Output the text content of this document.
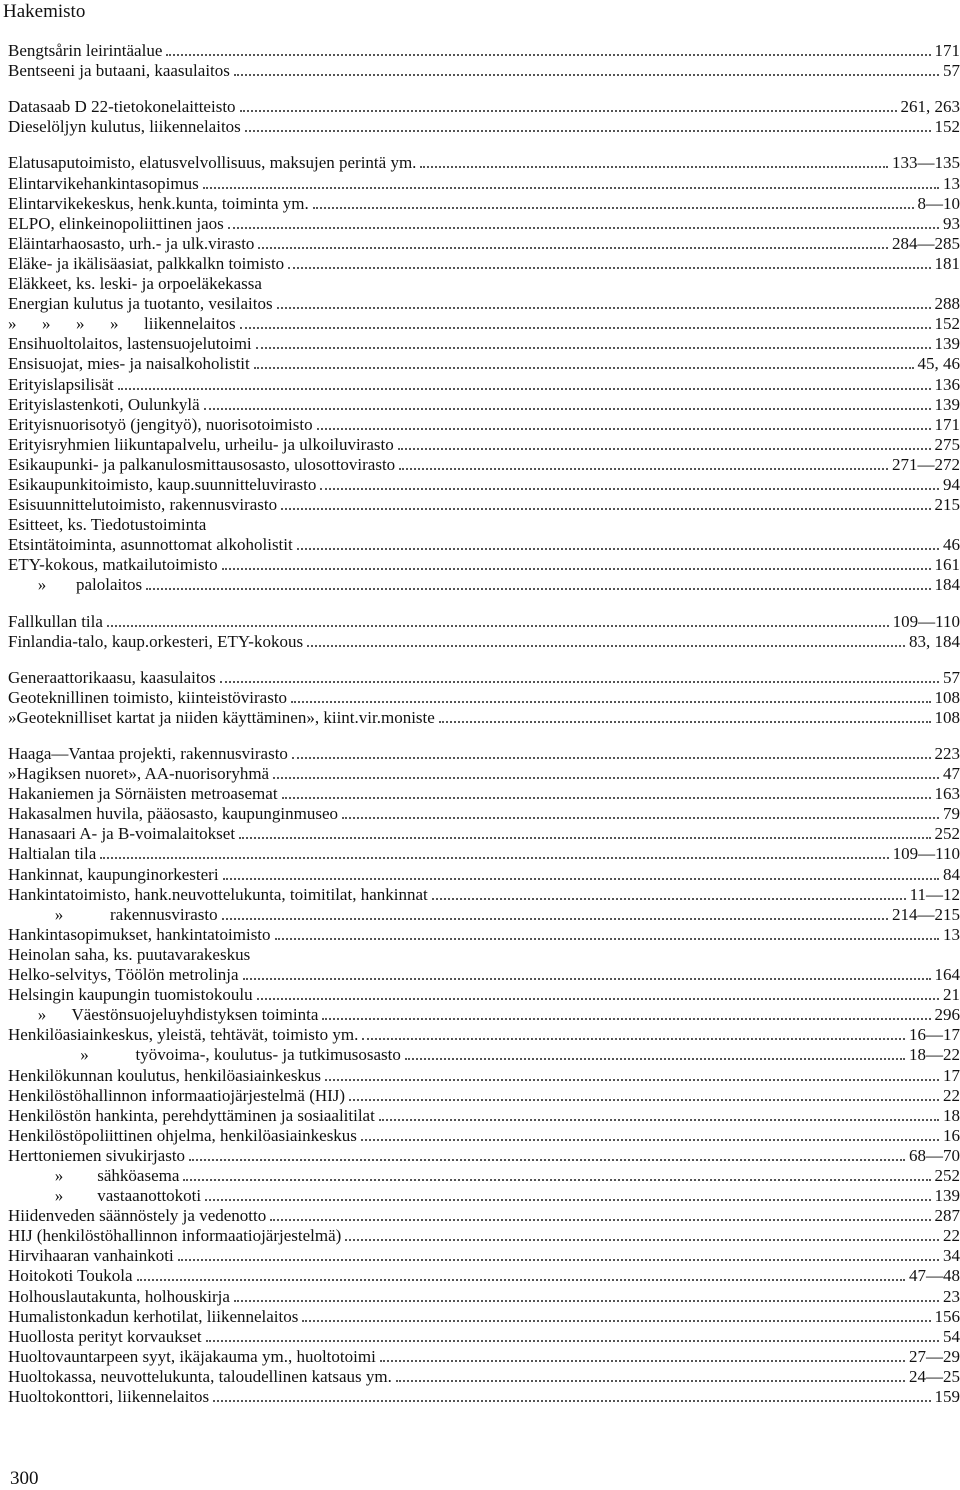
Hakemisto
Bengtsårin leirintäalue	171
Bentseeni ja butaani, kaasulaitos	57
Datasaab D 22-tietokonelaitteisto	261, 263
Dieselöljyn kulutus, liikennelaitos	152
Elatusaputoimisto, elatusvelvollisuus, maksujen perintä ym.	133—135
Elintarvikehankintasopimus	13
Elintarvikekeskus, henk.kunta, toiminta ym.	8—10
ELPO, elinkeinopoliittinen jaos	93
Eläintarhaosasto, urh.- ja ulk.virasto	284—285
Eläke- ja ikälisäasiat, palkkalkn toimisto	181
Eläkkeet, ks. leski- ja orpoeläkekassa
Energian kulutus ja tuotanto, vesilaitos	288
»      »      »      »      liikennelaitos	152
Ensihuoltolaitos, lastensuojelutoimi	139
Ensisuojat, mies- ja naisalkoholistit	45, 46
Erityislapsilisät	136
Erityislastenkoti, Oulunkylä	139
Erityisnuorisotyö (jengityö), nuorisotoimisto	171
Erityisryhmien liikuntapalvelu, urheilu- ja ulkoiluvirasto	275
Esikaupunki- ja palkanulosmittausosasto, ulosottovirasto	271—272
Esikaupunkitoimisto, kaup.suunnitteluvirasto	94
Esisuunnittelutoimisto, rakennusvirasto	215
Esitteet, ks. Tiedotustoiminta
Etsintätoiminta, asunnottomat alkoholistit	46
ETY-kokous, matkailutoimisto	161
»       palolaitos	184
Fallkullan tila	109—110
Finlandia-talo, kaup.orkesteri, ETY-kokous	83, 184
Generaattorikaasu, kaasulaitos	57
Geoteknillinen toimisto, kiinteistövirasto	108
»Geoteknilliset kartat ja niiden käyttäminen», kiint.vir.moniste	108
Haaga—Vantaa projekti, rakennusvirasto	223
»Hagiksen nuoret», AA-nuorisoryhmä	47
Hakaniemen ja Sörnäisten metroasemat	163
Hakasalmen huvila, pääosasto, kaupunginmuseo	79
Hanasaari A- ja B-voimalaitokset	252
Haltialan tila	109—110
Hankinnat, kaupunginorkesteri	84
Hankintatoimisto, hank.neuvottelukunta, toimitilat, hankinnat	11—12
»           rakennusvirasto	214—215
Hankintasopimukset, hankintatoimisto	13
Heinolan saha, ks. puutavarakeskus
Helko-selvitys, Töölön metrolinja	164
Helsingin kaupungin tuomistokoulu	21
»      Väestönsuojeluyhdistyksen toiminta	296
Henkilöasiainkeskus, yleistä, tehtävät, toimisto ym.	16—17
»           työvoima-, koulutus- ja tutkimusosasto	18—22
Henkilökunnan koulutus, henkilöasiainkeskus	17
Henkilöstöhallinnon informaatiojärjestelmä (HIJ)	22
Henkilöstön hankinta, perehdyttäminen ja sosiaalitilat	18
Henkilöstöpoliittinen ohjelma, henkilöasiainkeskus	16
Herttoniemen sivukirjasto	68—70
»        sähköasema	252
»        vastaanottokoti	139
Hiidenveden säännöstely ja vedenotto	287
HIJ (henkilöstöhallinnon informaatiojärjestelmä)	22
Hirvihaaran vanhainkoti	34
Hoitokoti Toukola	47—48
Holhouslautakunta, holhouskirja	23
Humalistonkadun kerhotilat, liikennelaitos	156
Huollosta perityt korvaukset	54
Huoltovauntarpeen syyt, ikäjakauma ym., huoltotoimi	27—29
Huoltokassa, neuvottelukunta, taloudellinen katsaus ym.	24—25
Huoltokonttori, liikennelaitos	159
300
